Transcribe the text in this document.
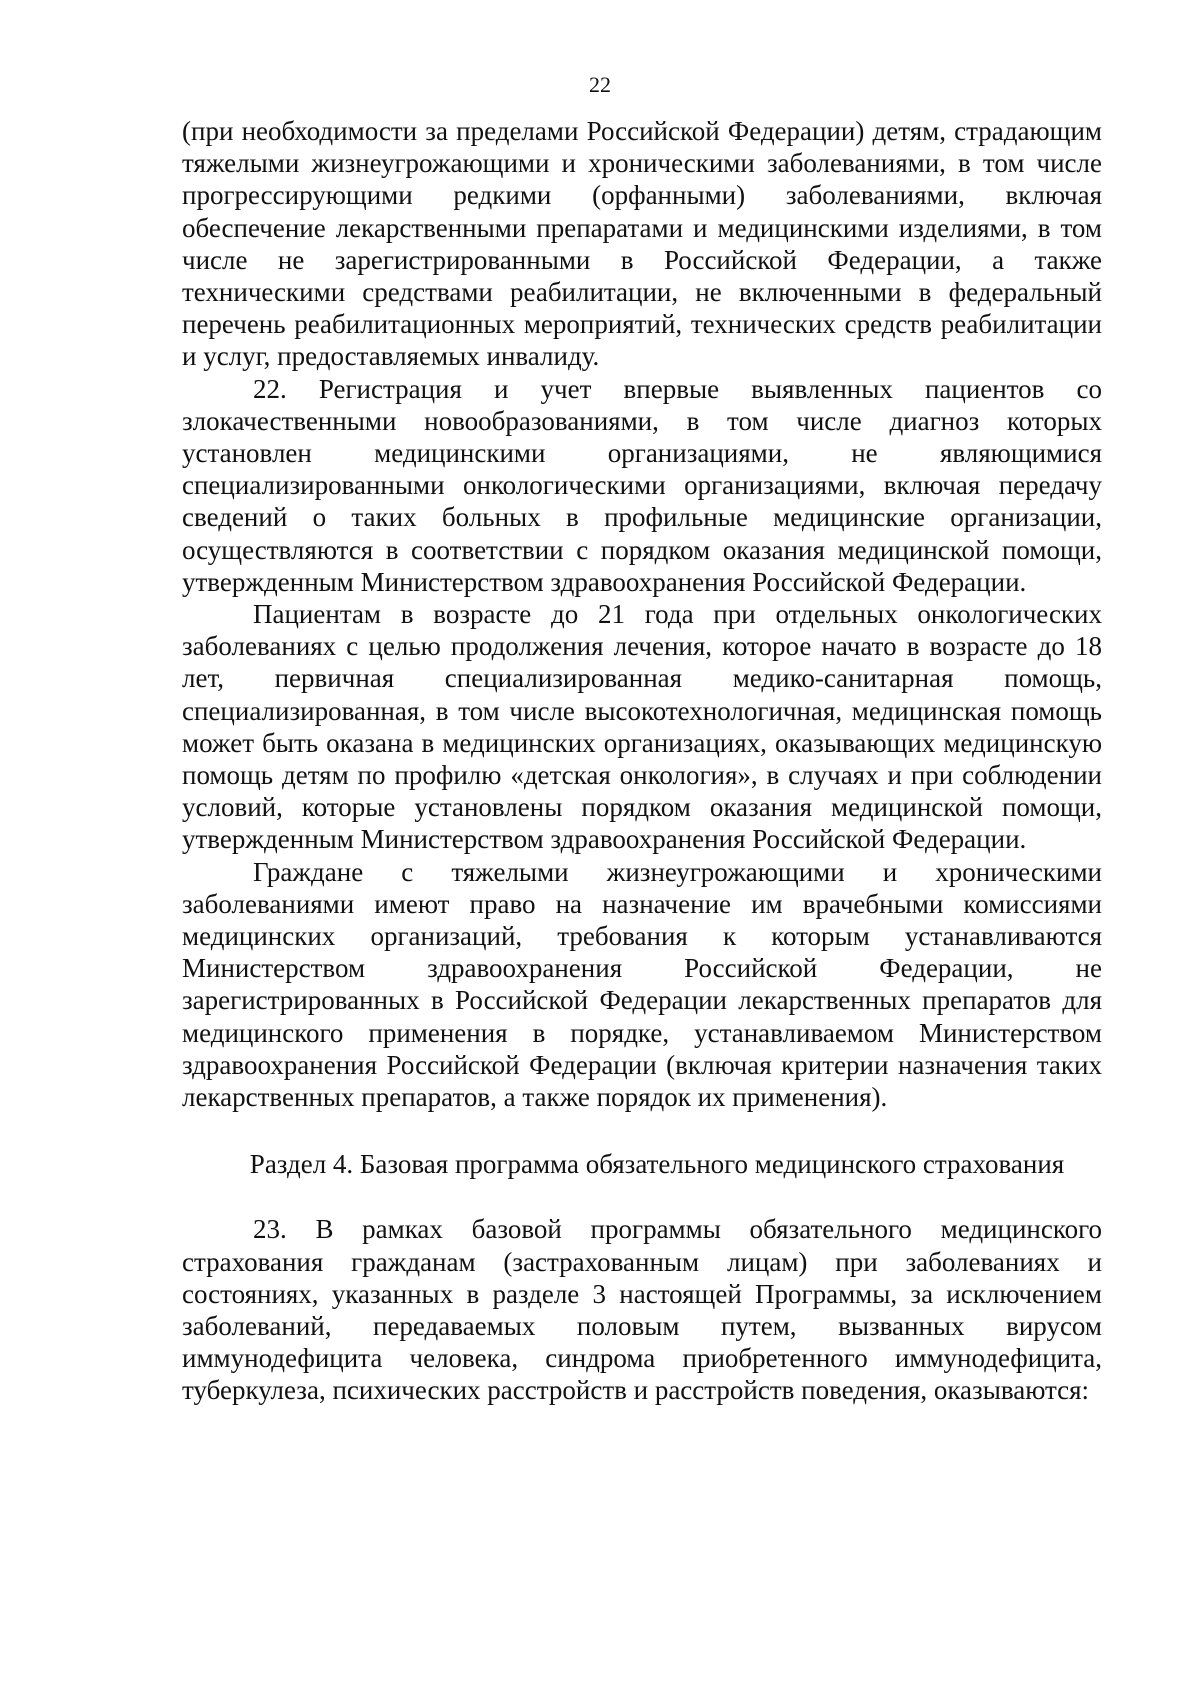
22

(при необходимости за пределами Российской Федерации) детям, страдающим тяжелыми жизнеугрожающими и хроническими заболеваниями, в том числе прогрессирующими редкими (орфанными) заболеваниями, включая обеспечение лекарственными препаратами и медицинскими изделиями, в том числе не зарегистрированными в Российской Федерации, а также техническими средствами реабилитации, не включенными в федеральный перечень реабилитационных мероприятий, технических средств реабилитации и услуг, предоставляемых инвалиду.

22. Регистрация и учет впервые выявленных пациентов со злокачественными новообразованиями, в том числе диагноз которых установлен медицинскими организациями, не являющимися специализированными онкологическими организациями, включая передачу сведений о таких больных в профильные медицинские организации, осуществляются в соответствии с порядком оказания медицинской помощи, утвержденным Министерством здравоохранения Российской Федерации.

Пациентам в возрасте до 21 года при отдельных онкологических заболеваниях с целью продолжения лечения, которое начато в возрасте до 18 лет, первичная специализированная медико-санитарная помощь, специализированная, в том числе высокотехнологичная, медицинская помощь может быть оказана в медицинских организациях, оказывающих медицинскую помощь детям по профилю «детская онкология», в случаях и при соблюдении условий, которые установлены порядком оказания медицинской помощи, утвержденным Министерством здравоохранения Российской Федерации.

Граждане с тяжелыми жизнеугрожающими и хроническими заболеваниями имеют право на назначение им врачебными комиссиями медицинских организаций, требования к которым устанавливаются Министерством здравоохранения Российской Федерации, не зарегистрированных в Российской Федерации лекарственных препаратов для медицинского применения в порядке, устанавливаемом Министерством здравоохранения Российской Федерации (включая критерии назначения таких лекарственных препаратов, а также порядок их применения).

Раздел 4. Базовая программа обязательного медицинского страхования

23. В рамках базовой программы обязательного медицинского страхования гражданам (застрахованным лицам) при заболеваниях и состояниях, указанных в разделе 3 настоящей Программы, за исключением заболеваний, передаваемых половым путем, вызванных вирусом иммунодефицита человека, синдрома приобретенного иммунодефицита, туберкулеза, психических расстройств и расстройств поведения, оказываются:
